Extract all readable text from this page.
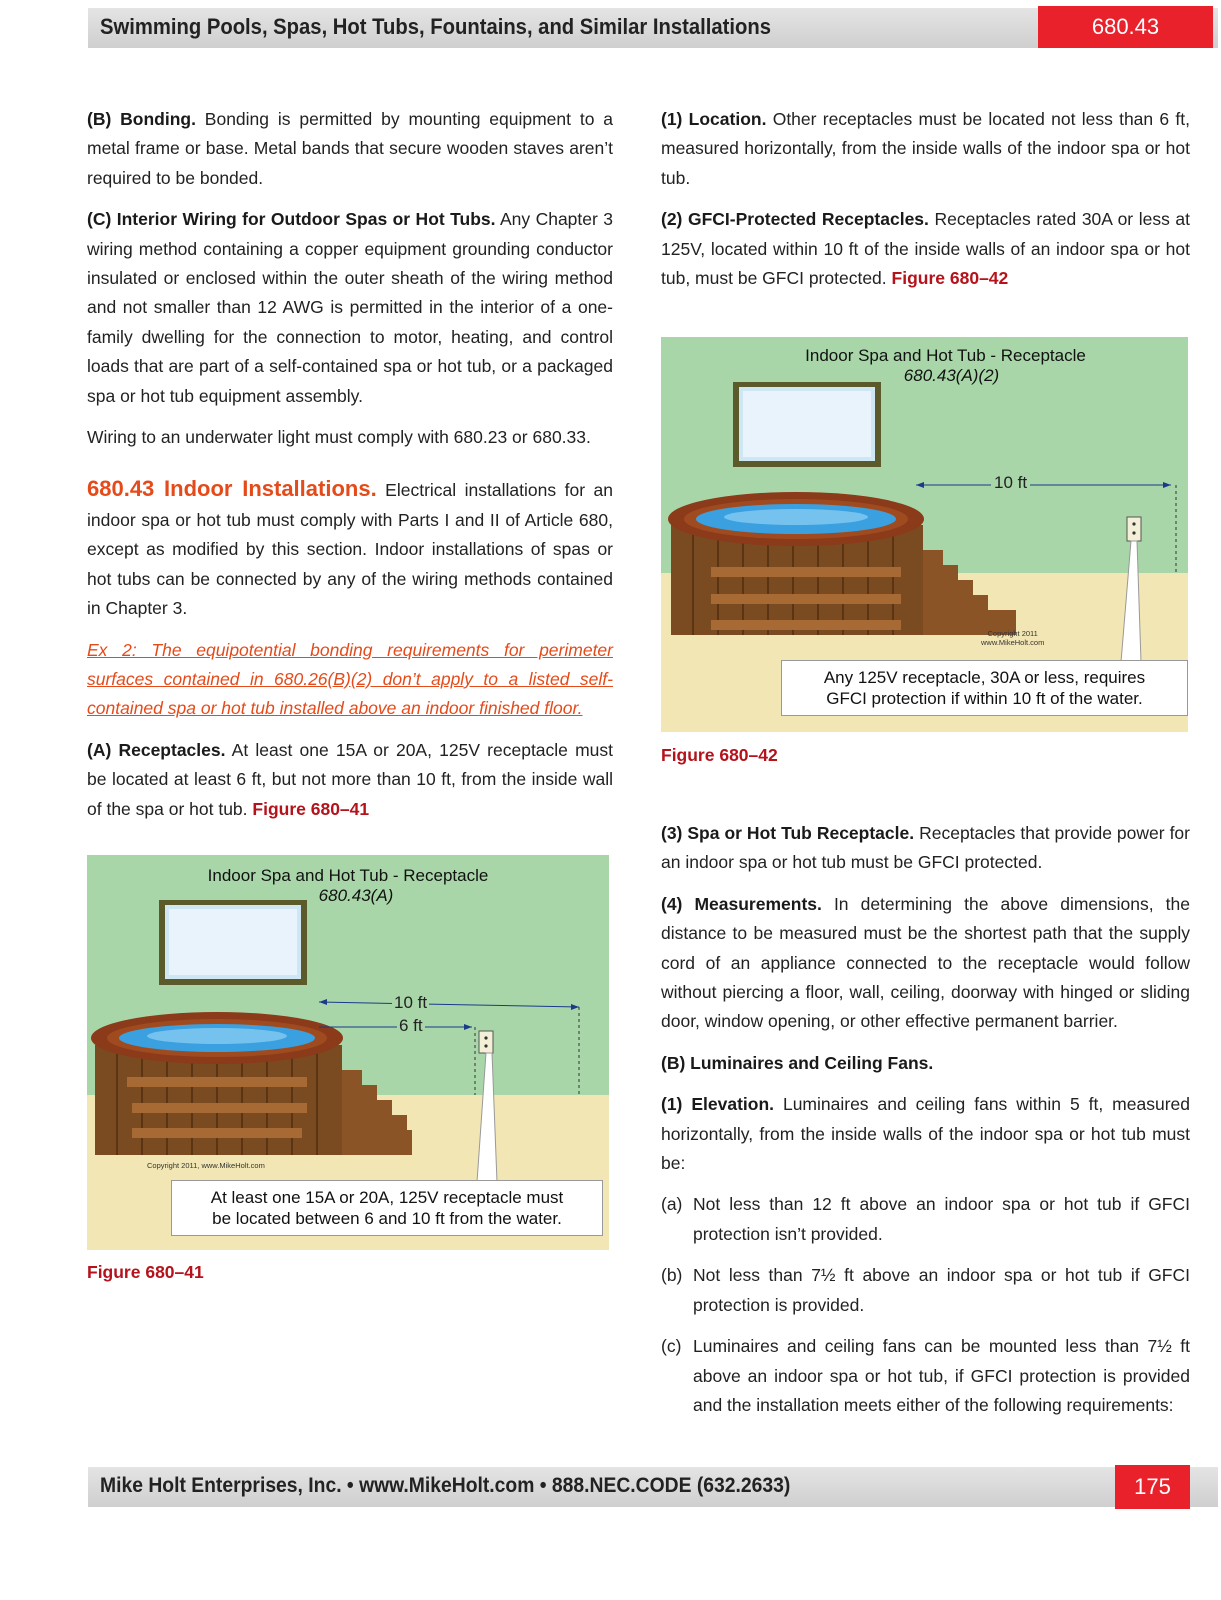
Swimming Pools, Spas, Hot Tubs, Fountains, and Similar Installations	680.43

(B) Bonding. Bonding is permitted by mounting equipment to a metal frame or base. Metal bands that secure wooden staves aren’t required to be bonded.

(C) Interior Wiring for Outdoor Spas or Hot Tubs. Any Chapter 3 wiring method containing a copper equipment grounding conductor insulated or enclosed within the outer sheath of the wiring method and not smaller than 12 AWG is permitted in the interior of a one-family dwelling for the connection to motor, heating, and control loads that are part of a self-contained spa or hot tub, or a packaged spa or hot tub equipment assembly.

Wiring to an underwater light must comply with 680.23 or 680.33.

680.43 Indoor Installations. Electrical installations for an indoor spa or hot tub must comply with Parts I and II of Article 680, except as modified by this section. Indoor installations of spas or hot tubs can be connected by any of the wiring methods contained in Chapter 3.

Ex 2: The equipotential bonding requirements for perimeter surfaces contained in 680.26(B)(2) don’t apply to a listed self-contained spa or hot tub installed above an indoor finished floor.

(A) Receptacles. At least one 15A or 20A, 125V receptacle must be located at least 6 ft, but not more than 10 ft, from the inside wall of the spa or hot tub. Figure 680–41

Indoor Spa and Hot Tub - Receptacle
680.43(A)
10 ft
6 ft
Copyright 2011, www.MikeHolt.com
At least one 15A or 20A, 125V receptacle must
be located between 6 and 10 ft from the water.
Figure 680–41

(1) Location. Other receptacles must be located not less than 6 ft, measured horizontally, from the inside walls of the indoor spa or hot tub.

(2) GFCI-Protected Receptacles. Receptacles rated 30A or less at 125V, located within 10 ft of the inside walls of an indoor spa or hot tub, must be GFCI protected. Figure 680–42

Indoor Spa and Hot Tub - Receptacle
680.43(A)(2)
10 ft
Copyright 2011
www.MikeHolt.com
Any 125V receptacle, 30A or less, requires
GFCI protection if within 10 ft of the water.
Figure 680–42

(3) Spa or Hot Tub Receptacle. Receptacles that provide power for an indoor spa or hot tub must be GFCI protected.

(4) Measurements. In determining the above dimensions, the distance to be measured must be the shortest path that the supply cord of an appliance connected to the receptacle would follow without piercing a floor, wall, ceiling, doorway with hinged or sliding door, window opening, or other effective permanent barrier.

(B) Luminaires and Ceiling Fans.

(1) Elevation. Luminaires and ceiling fans within 5 ft, measured horizontally, from the inside walls of the indoor spa or hot tub must be:

(a) Not less than 12 ft above an indoor spa or hot tub if GFCI protection isn’t provided.
(b) Not less than 7½ ft above an indoor spa or hot tub if GFCI protection is provided.
(c) Luminaires and ceiling fans can be mounted less than 7½ ft above an indoor spa or hot tub, if GFCI protection is provided and the installation meets either of the following requirements:
Mike Holt Enterprises, Inc. • www.MikeHolt.com • 888.NEC.CODE (632.2633)	175
